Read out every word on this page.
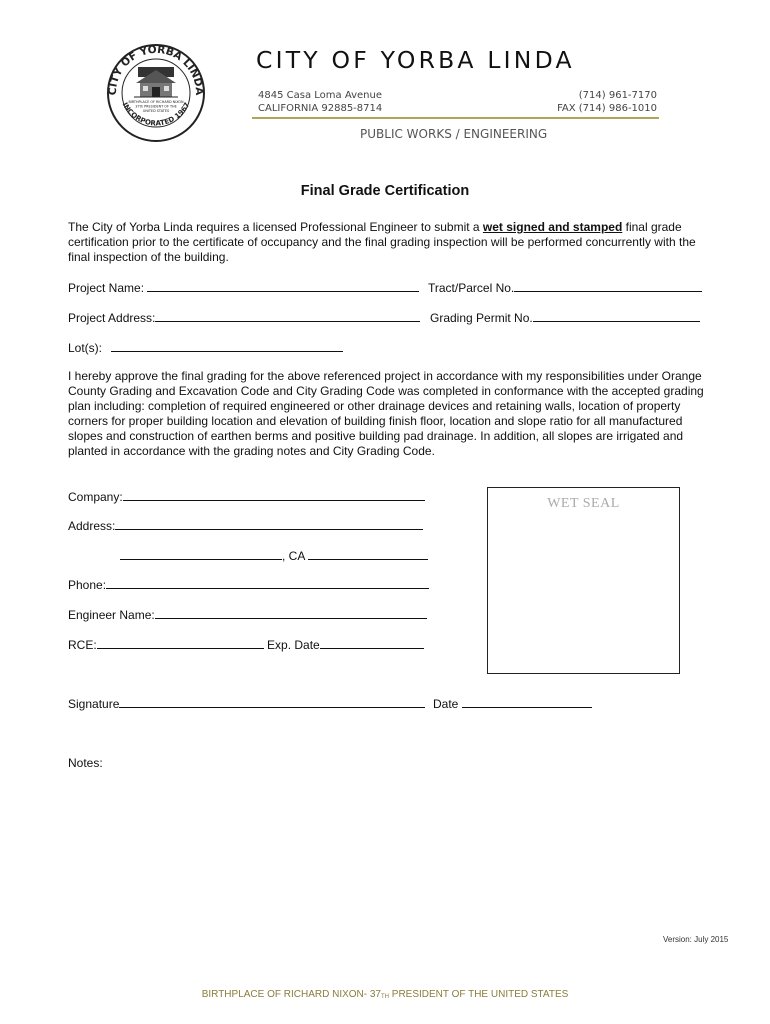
CITY OF YORBA LINDA
INCORPORATED 1967
BIRTHPLACE OF RICHARD NIXON
37th PRESIDENT OF THE
UNITED STATES
CITY OF YORBA LINDA
4845 Casa Loma Avenue
CALIFORNIA 92885-8714
(714) 961-7170
FAX (714) 986-1010
PUBLIC WORKS / ENGINEERING
Final Grade Certification
The City of Yorba Linda requires a licensed Professional Engineer to submit a wet signed and stamped final grade certification prior to the certificate of occupancy and the final grading inspection will be performed concurrently with the final inspection of the building.
Project Name:	Tract/Parcel No.
Project Address:	Grading Permit No.
Lot(s):
I hereby approve the final grading for the above referenced project in accordance with my responsibilities under Orange County Grading and Excavation Code and City Grading Code was completed in conformance with the accepted grading plan including: completion of required engineered or other drainage devices and retaining walls, location of property corners for proper building location and elevation of building finish floor, location and slope ratio for all manufactured slopes and construction of earthen berms and positive building pad drainage. In addition, all slopes are irrigated and planted in accordance with the grading notes and City Grading Code.
Company:
Address:
, CA
Phone:
Engineer Name:
RCE:	Exp. Date
WET SEAL
Signature	Date
Notes:
Version: July 2015
BIRTHPLACE OF RICHARD NIXON- $37_{TH}$ PRESIDENT OF THE UNITED STATES
